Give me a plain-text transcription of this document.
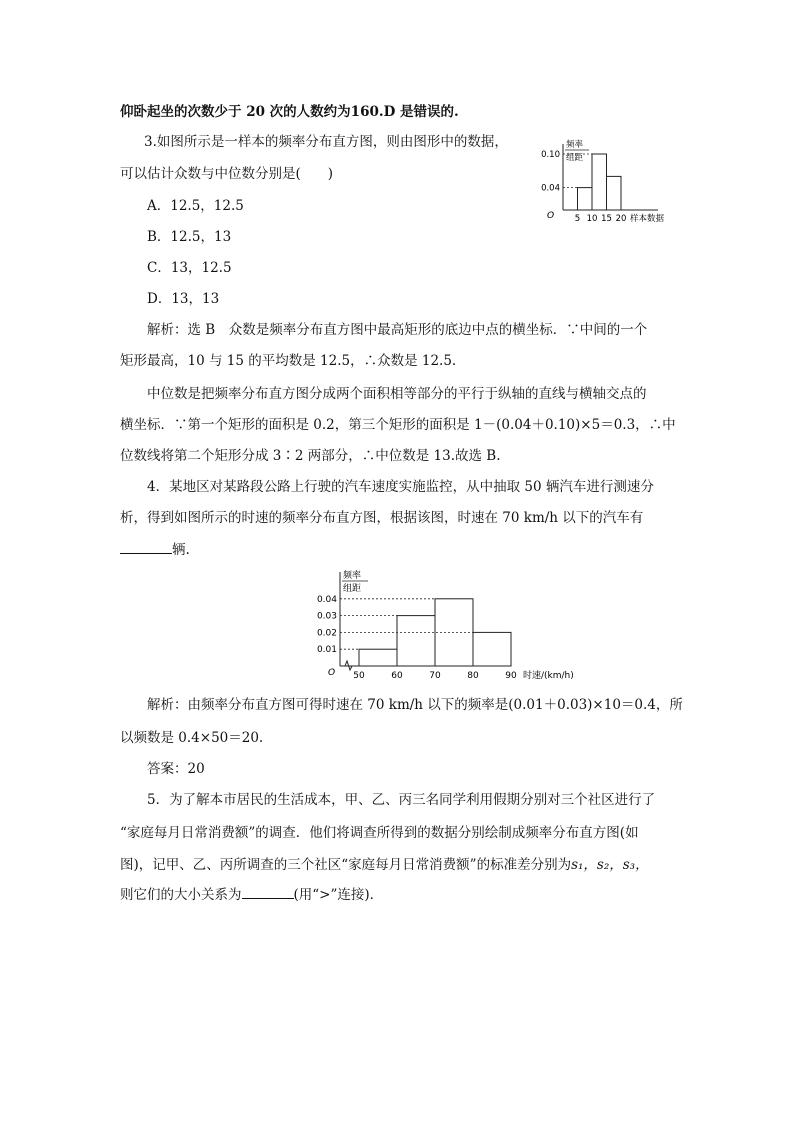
仰卧起坐的次数少于 20 次的人数约为160.D 是错误的.
3.如图所示是一样本的频率分布直方图，则由图形中的数据，
可以估计众数与中位数分别是(　　)
A．12.5，12.5
B．12.5，13
C．13，12.5
D．13，13
解析：选 B　众数是频率分布直方图中最高矩形的底边中点的横坐标．∵中间的一个
矩形最高，10 与 15 的平均数是 12.5，∴众数是 12.5.
中位数是把频率分布直方图分成两个面积相等部分的平行于纵轴的直线与横轴交点的
横坐标．∵第一个矩形的面积是 0.2，第三个矩形的面积是 1－(0.04＋0.10)×5＝0.3，∴中
位数线将第二个矩形分成 3∶2 两部分，∴中位数是 13.故选 B.
4．某地区对某路段公路上行驶的汽车速度实施监控，从中抽取 50 辆汽车进行测速分
析，得到如图所示的时速的频率分布直方图，根据该图，时速在 70 km/h 以下的汽车有
辆.
解析：由频率分布直方图可得时速在 70 km/h 以下的频率是(0.01＋0.03)×10＝0.4，所
以频数是 0.4×50＝20.
答案：20
5．为了解本市居民的生活成本，甲、乙、丙三名同学利用假期分别对三个社区进行了
“家庭每月日常消费额”的调查．他们将调查所得到的数据分别绘制成频率分布直方图(如
图)，记甲、乙、丙所调查的三个社区“家庭每月日常消费额”的标准差分别为s₁，s₂，s₃，
则它们的大小关系为	(用“>”连接)．
O
频率
组距
0.10
0.04
5 10 15 20 样本数据
O
频率
组距
0.04
0.03
0.02
0.01
50	60	70	80	90 时速/(km/h)
